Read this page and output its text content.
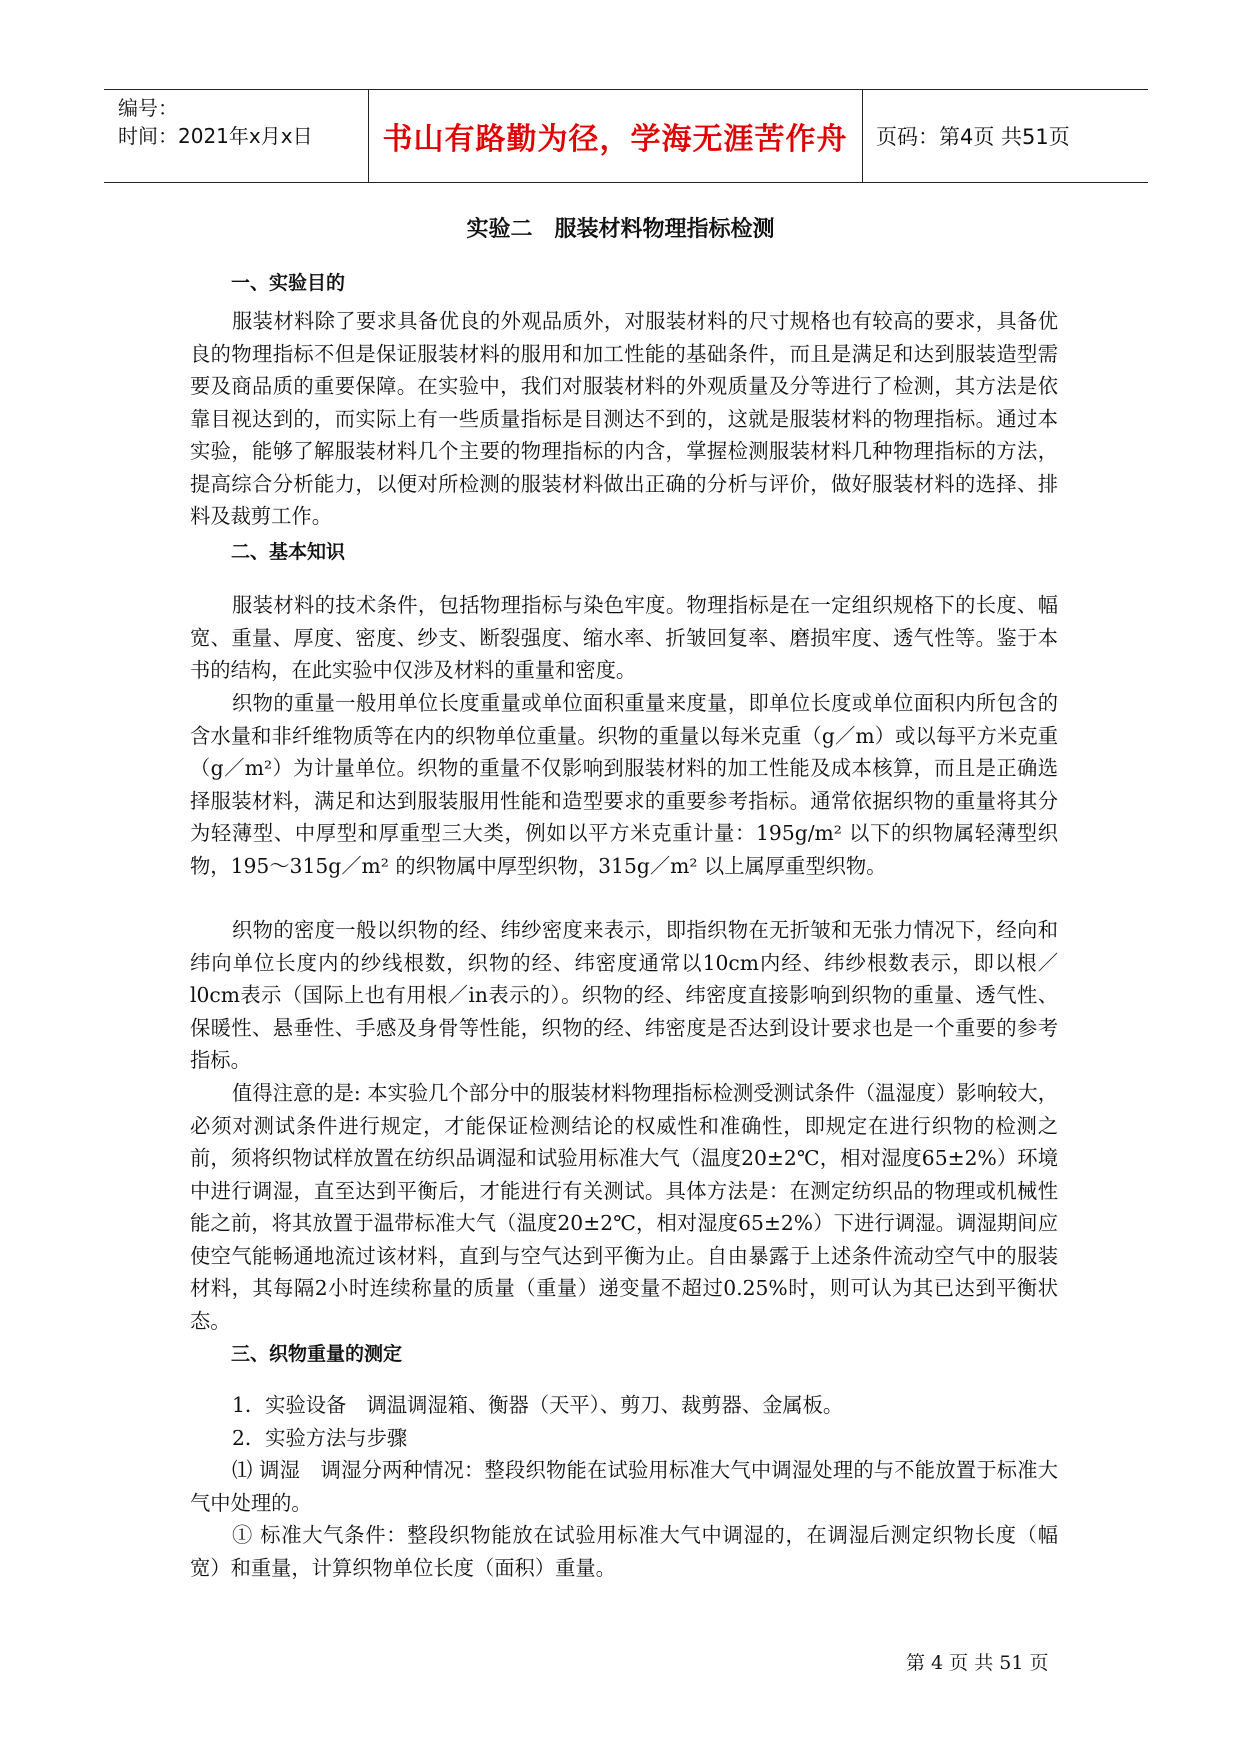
编号：
时间：2021年x月x日 书山有路勤为径，学海无涯苦作舟	页码：第4页 共51页
实验二　服装材料物理指标检测
一、实验目的

服装材料除了要求具备优良的外观品质外，对服装材料的尺寸规格也有较高的要求，具备优良的物理指标不但是保证服装材料的服用和加工性能的基础条件，而且是满足和达到服装造型需要及商品质的重要保障。在实验中，我们对服装材料的外观质量及分等进行了检测，其方法是依靠目视达到的，而实际上有一些质量指标是目测达不到的，这就是服装材料的物理指标。通过本实验，能够了解服装材料几个主要的物理指标的内含，掌握检测服装材料几种物理指标的方法，提高综合分析能力，以便对所检测的服装材料做出正确的分析与评价，做好服装材料的选择、排料及裁剪工作。

二、基本知识

服装材料的技术条件，包括物理指标与染色牢度。物理指标是在一定组织规格下的长度、幅宽、重量、厚度、密度、纱支、断裂强度、缩水率、折皱回复率、磨损牢度、透气性等。鉴于本书的结构，在此实验中仅涉及材料的重量和密度。

织物的重量一般用单位长度重量或单位面积重量来度量，即单位长度或单位面积内所包含的含水量和非纤维物质等在内的织物单位重量。织物的重量以每米克重（g／m）或以每平方米克重（g／m²）为计量单位。织物的重量不仅影响到服装材料的加工性能及成本核算，而且是正确选择服装材料，满足和达到服装服用性能和造型要求的重要参考指标。通常依据织物的重量将其分为轻薄型、中厚型和厚重型三大类，例如以平方米克重计量：195g/m² 以下的织物属轻薄型织物，195～315g／m² 的织物属中厚型织物，315g／m² 以上属厚重型织物。

织物的密度一般以织物的经、纬纱密度来表示，即指织物在无折皱和无张力情况下，经向和纬向单位长度内的纱线根数，织物的经、纬密度通常以10cm内经、纬纱根数表示，即以根／l0cm表示（国际上也有用根／in表示的）。织物的经、纬密度直接影响到织物的重量、透气性、保暖性、悬垂性、手感及身骨等性能，织物的经、纬密度是否达到设计要求也是一个重要的参考指标。

值得注意的是: 本实验几个部分中的服装材料物理指标检测受测试条件（温湿度）影响较大，必须对测试条件进行规定，才能保证检测结论的权威性和准确性，即规定在进行织物的检测之前，须将织物试样放置在纺织品调湿和试验用标准大气（温度20±2℃，相对湿度65±2%）环境中进行调湿，直至达到平衡后，才能进行有关测试。具体方法是：在测定纺织品的物理或机械性能之前，将其放置于温带标准大气（温度20±2℃，相对湿度65±2%）下进行调湿。调湿期间应使空气能畅通地流过该材料，直到与空气达到平衡为止。自由暴露于上述条件流动空气中的服装材料，其每隔2小时连续称量的质量（重量）递变量不超过0.25%时，则可认为其已达到平衡状态。

三、织物重量的测定

1．实验设备　调温调湿箱、衡器（天平）、剪刀、裁剪器、金属板。

2．实验方法与步骤

⑴ 调湿　调湿分两种情况：整段织物能在试验用标准大气中调湿处理的与不能放置于标准大气中处理的。

① 标准大气条件：整段织物能放在试验用标准大气中调湿的，在调湿后测定织物长度（幅宽）和重量，计算织物单位长度（面积）重量。

第 4 页 共 51 页
